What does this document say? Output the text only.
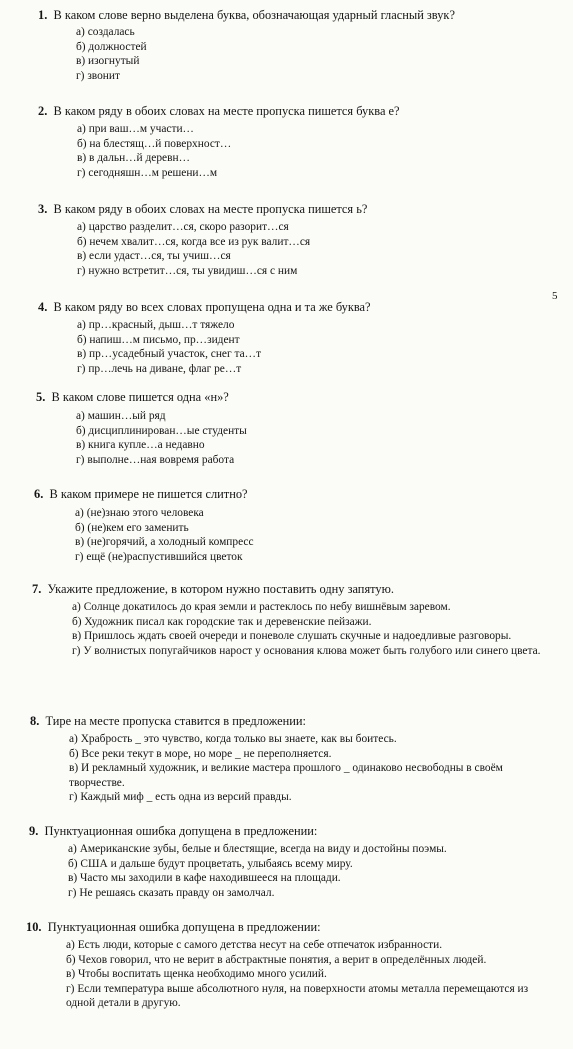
5
1. В каком слове верно выделена буква, обозначающая ударный гласный звук?
а) создалась
б) должностей
в) изогнутый
г) звонит
2. В каком ряду в обоих словах на месте пропуска пишется буква е?
а) при ваш…м участи…
б) на блестящ…й поверхност…
в) в дальн…й деревн…
г) сегодняшн…м решени…м
3. В каком ряду в обоих словах на месте пропуска пишется ь?
а) царство разделит…ся, скоро разорит…ся
б) нечем хвалит…ся, когда все из рук валит…ся
в) если удаст…ся, ты учиш…ся
г) нужно встретит…ся, ты увидиш…ся с ним
4. В каком ряду во всех словах пропущена одна и та же буква?
а) пр…красный, дыш…т тяжело
б) напиш…м письмо, пр…зидент
в) пр…усадебный участок, снег та…т
г) пр…лечь на диване, флаг ре…т
5. В каком слове пишется одна «н»?
а) машин…ый ряд
б) дисциплинирован…ые студенты
в) книга купле…а недавно
г) выполне…ная вовремя работа
6. В каком примере не пишется слитно?
а) (не)знаю этого человека
б) (не)кем его заменить
в) (не)горячий, а холодный компресс
г) ещё (не)распустившийся цветок
7. Укажите предложение, в котором нужно поставить одну запятую.
а) Солнце докатилось до края земли и растеклось по небу вишнёвым заревом.
б) Художник писал как городские так и деревенские пейзажи.
в) Пришлось ждать своей очереди и поневоле слушать скучные и надоедливые разговоры.
г) У волнистых попугайчиков нарост у основания клюва может быть голубого или синего цвета.
8. Тире на месте пропуска ставится в предложении:
а) Храбрость _ это чувство, когда только вы знаете, как вы боитесь.
б) Все реки текут в море, но море _ не переполняется.
в) И рекламный художник, и великие мастера прошлого _ одинаково несвободны в своём творчестве.
г) Каждый миф _ есть одна из версий правды.
9. Пунктуационная ошибка допущена в предложении:
а) Американские зубы, белые и блестящие, всегда на виду и достойны поэмы.
б) США и дальше будут процветать, улыбаясь всему миру.
в) Часто мы заходили в кафе находившееся на площади.
г) Не решаясь сказать правду он замолчал.
10. Пунктуационная ошибка допущена в предложении:
а) Есть люди, которые с самого детства несут на себе отпечаток избранности.
б) Чехов говорил, что не верит в абстрактные понятия, а верит в определённых людей.
в) Чтобы воспитать щенка необходимо много усилий.
г) Если температура выше абсолютного нуля, на поверхности атомы металла перемещаются из одной детали в другую.
